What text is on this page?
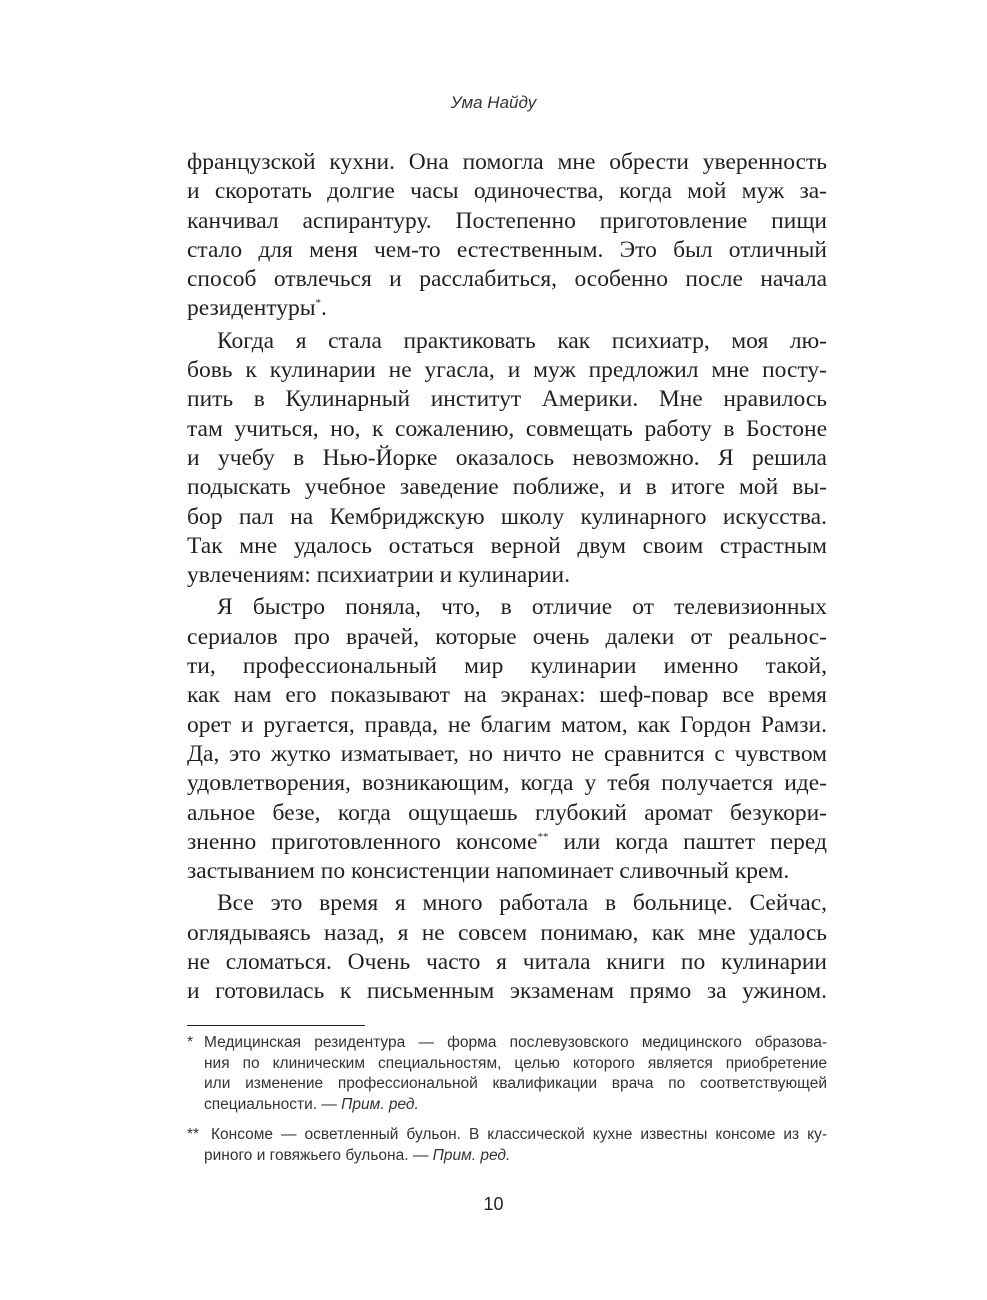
Ума Найду
французской кухни. Она помогла мне обрести уверенность
и скоротать долгие часы одиночества, когда мой муж за-
канчивал аспирантуру. Постепенно приготовление пищи
стало для меня чем-то естественным. Это был отличный
способ отвлечься и расслабиться, особенно после начала
резидентуры*.
Когда я стала практиковать как психиатр, моя лю-
бовь к кулинарии не угасла, и муж предложил мне посту-
пить в Кулинарный институт Америки. Мне нравилось
там учиться, но, к сожалению, совмещать работу в Бостоне
и учебу в Нью-Йорке оказалось невозможно. Я решила
подыскать учебное заведение поближе, и в итоге мой вы-
бор пал на Кембриджскую школу кулинарного искусства.
Так мне удалось остаться верной двум своим страстным
увлечениям: психиатрии и кулинарии.
Я быстро поняла, что, в отличие от телевизионных
сериалов про врачей, которые очень далеки от реальнос-
ти, профессиональный мир кулинарии именно такой,
как нам его показывают на экранах: шеф-повар все время
орет и ругается, правда, не благим матом, как Гордон Рамзи.
Да, это жутко изматывает, но ничто не сравнится с чувством
удовлетворения, возникающим, когда у тебя получается иде-
альное безе, когда ощущаешь глубокий аромат безукори-
зненно приготовленного консоме** или когда паштет перед
застыванием по консистенции напоминает сливочный крем.
Все это время я много работала в больнице. Сейчас,
оглядываясь назад, я не совсем понимаю, как мне удалось
не сломаться. Очень часто я читала книги по кулинарии
и готовилась к письменным экзаменам прямо за ужином.
* Медицинская резидентура — форма послевузовского медицинского образова-
ния по клиническим специальностям, целью которого является приобретение
или изменение профессиональной квалификации врача по соответствующей
специальности. — Прим. ред.
** Консоме — осветленный бульон. В классической кухне известны консоме из ку-
риного и говяжьего бульона. — Прим. ред.
10
